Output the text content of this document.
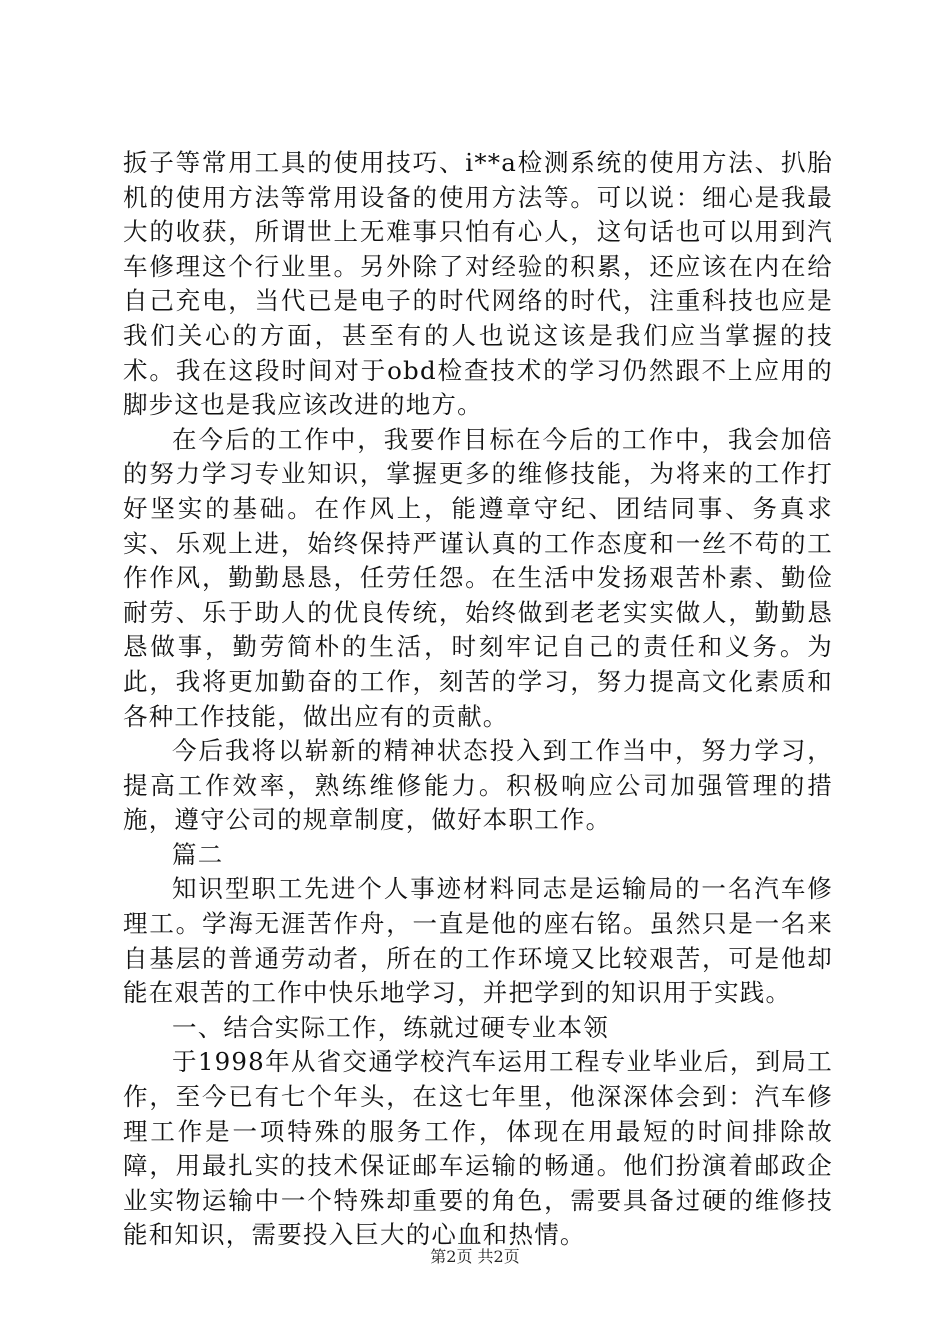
扳子等常用工具的使用技巧、i**a检测系统的使用方法、扒胎机的使用方法等常用设备的使用方法等。可以说：细心是我最大的收获，所谓世上无难事只怕有心人，这句话也可以用到汽车修理这个行业里。另外除了对经验的积累，还应该在内在给自己充电，当代已是电子的时代网络的时代，注重科技也应是我们关心的方面，甚至有的人也说这该是我们应当掌握的技术。我在这段时间对于obd检查技术的学习仍然跟不上应用的脚步这也是我应该改进的地方。

在今后的工作中，我要作目标在今后的工作中，我会加倍的努力学习专业知识，掌握更多的维修技能，为将来的工作打好坚实的基础。在作风上，能遵章守纪、团结同事、务真求实、乐观上进，始终保持严谨认真的工作态度和一丝不苟的工作作风，勤勤恳恳，任劳任怨。在生活中发扬艰苦朴素、勤俭耐劳、乐于助人的优良传统，始终做到老老实实做人，勤勤恳恳做事，勤劳简朴的生活，时刻牢记自己的责任和义务。为此，我将更加勤奋的工作，刻苦的学习，努力提高文化素质和各种工作技能，做出应有的贡献。

今后我将以崭新的精神状态投入到工作当中，努力学习，提高工作效率，熟练维修能力。积极响应公司加强管理的措施，遵守公司的规章制度，做好本职工作。

篇二

知识型职工先进个人事迹材料同志是运输局的一名汽车修理工。学海无涯苦作舟，一直是他的座右铭。虽然只是一名来自基层的普通劳动者，所在的工作环境又比较艰苦，可是他却能在艰苦的工作中快乐地学习，并把学到的知识用于实践。

一、结合实际工作，练就过硬专业本领

于1998年从省交通学校汽车运用工程专业毕业后，到局工作，至今已有七个年头，在这七年里，他深深体会到：汽车修理工作是一项特殊的服务工作，体现在用最短的时间排除故障，用最扎实的技术保证邮车运输的畅通。他们扮演着邮政企业实物运输中一个特殊却重要的角色，需要具备过硬的维修技能和知识，需要投入巨大的心血和热情。

第2页 共2页
